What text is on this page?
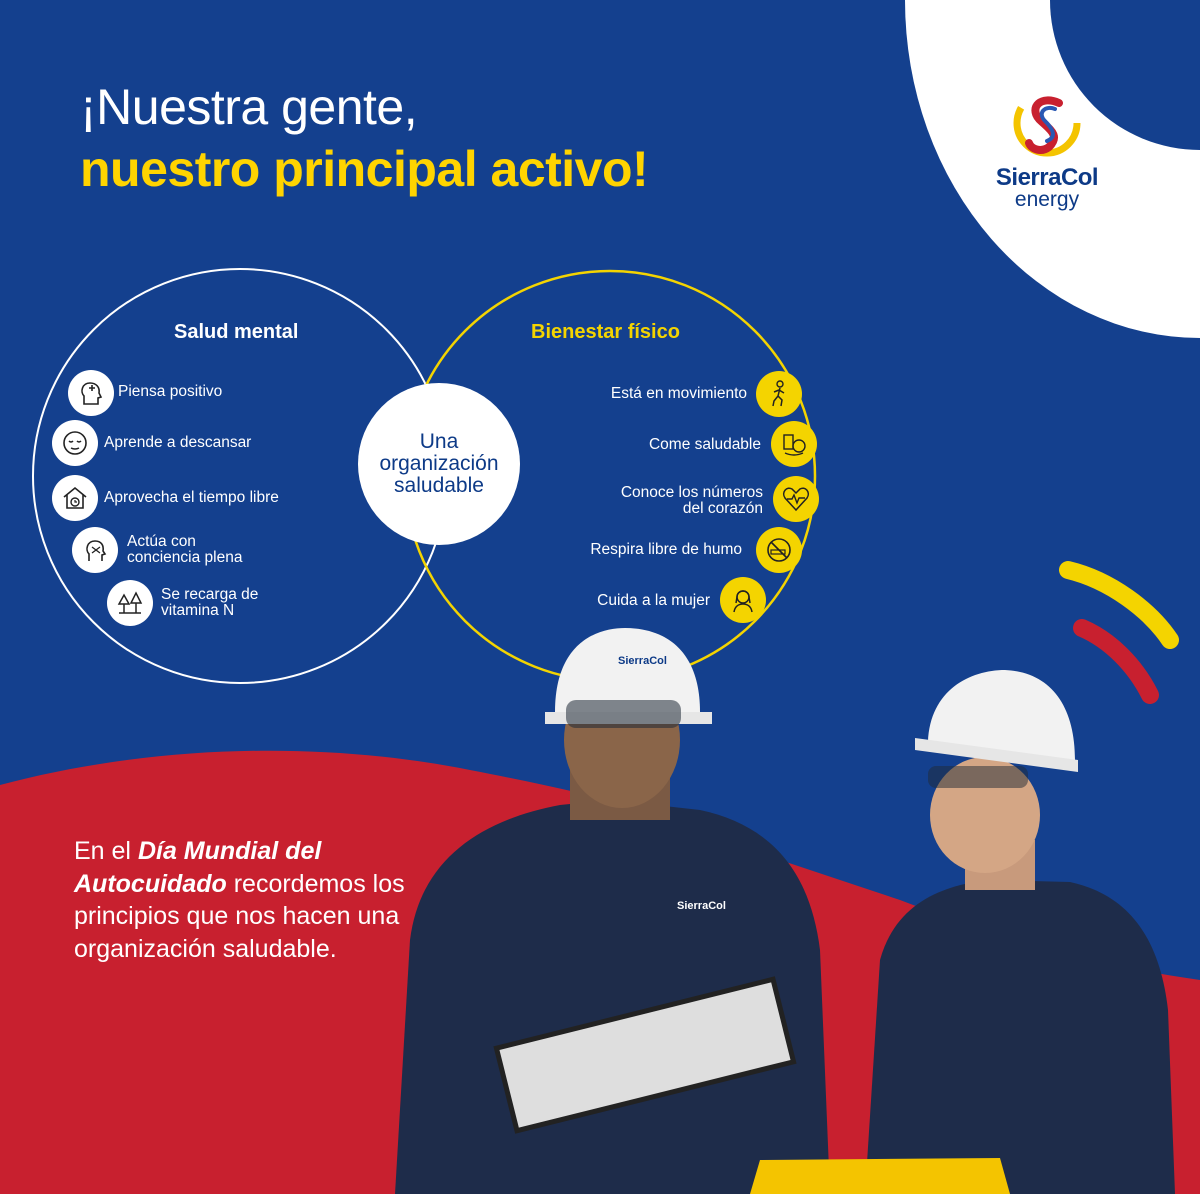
¡Nuestra gente,
nuestro principal activo!	SierraCol
energy
Salud mental
Piensa positivo
Aprende a descansar
Aprovecha el tiempo libre
Actúa con
conciencia plena
Se recarga de
vitamina N
Una
organización
saludable
Bienestar físico
Está en movimiento
Come saludable
Conoce los números
del corazón
Respira libre de humo
Cuida a la mujer
SierraCol
SierraCol
En el Día Mundial del Autocuidado recordemos los principios que nos hacen una organización saludable.
